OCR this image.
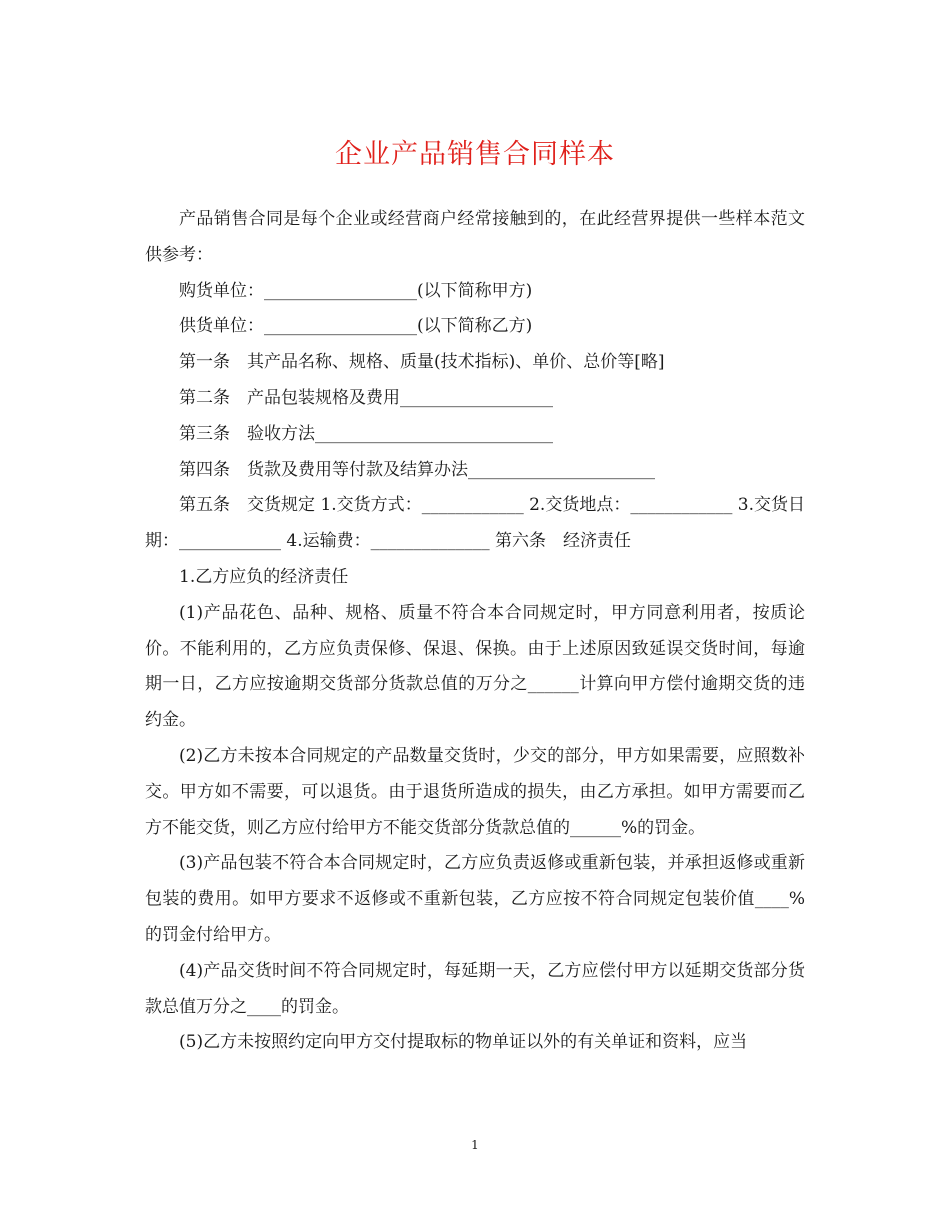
企业产品销售合同样本

产品销售合同是每个企业或经营商户经常接触到的，在此经营界提供一些样本范文供参考：

购货单位：__________________(以下简称甲方)

供货单位：__________________(以下简称乙方)

第一条　其产品名称、规格、质量(技术指标)、单价、总价等[略]

第二条　产品包装规格及费用__________________

第三条　验收方法____________________________

第四条　货款及费用等付款及结算办法______________________

第五条　交货规定 1.交货方式：____________ 2.交货地点：____________ 3.交货日期：____________ 4.运输费：______________ 第六条　经济责任

1.乙方应负的经济责任

(1)产品花色、品种、规格、质量不符合本合同规定时，甲方同意利用者，按质论价。不能利用的，乙方应负责保修、保退、保换。由于上述原因致延误交货时间，每逾期一日，乙方应按逾期交货部分货款总值的万分之______计算向甲方偿付逾期交货的违约金。

(2)乙方未按本合同规定的产品数量交货时，少交的部分，甲方如果需要，应照数补交。甲方如不需要，可以退货。由于退货所造成的损失，由乙方承担。如甲方需要而乙方不能交货，则乙方应付给甲方不能交货部分货款总值的______%的罚金。

(3)产品包装不符合本合同规定时，乙方应负责返修或重新包装，并承担返修或重新包装的费用。如甲方要求不返修或不重新包装，乙方应按不符合同规定包装价值____%的罚金付给甲方。

(4)产品交货时间不符合同规定时，每延期一天，乙方应偿付甲方以延期交货部分货款总值万分之____的罚金。

(5)乙方未按照约定向甲方交付提取标的物单证以外的有关单证和资料，应当

1
